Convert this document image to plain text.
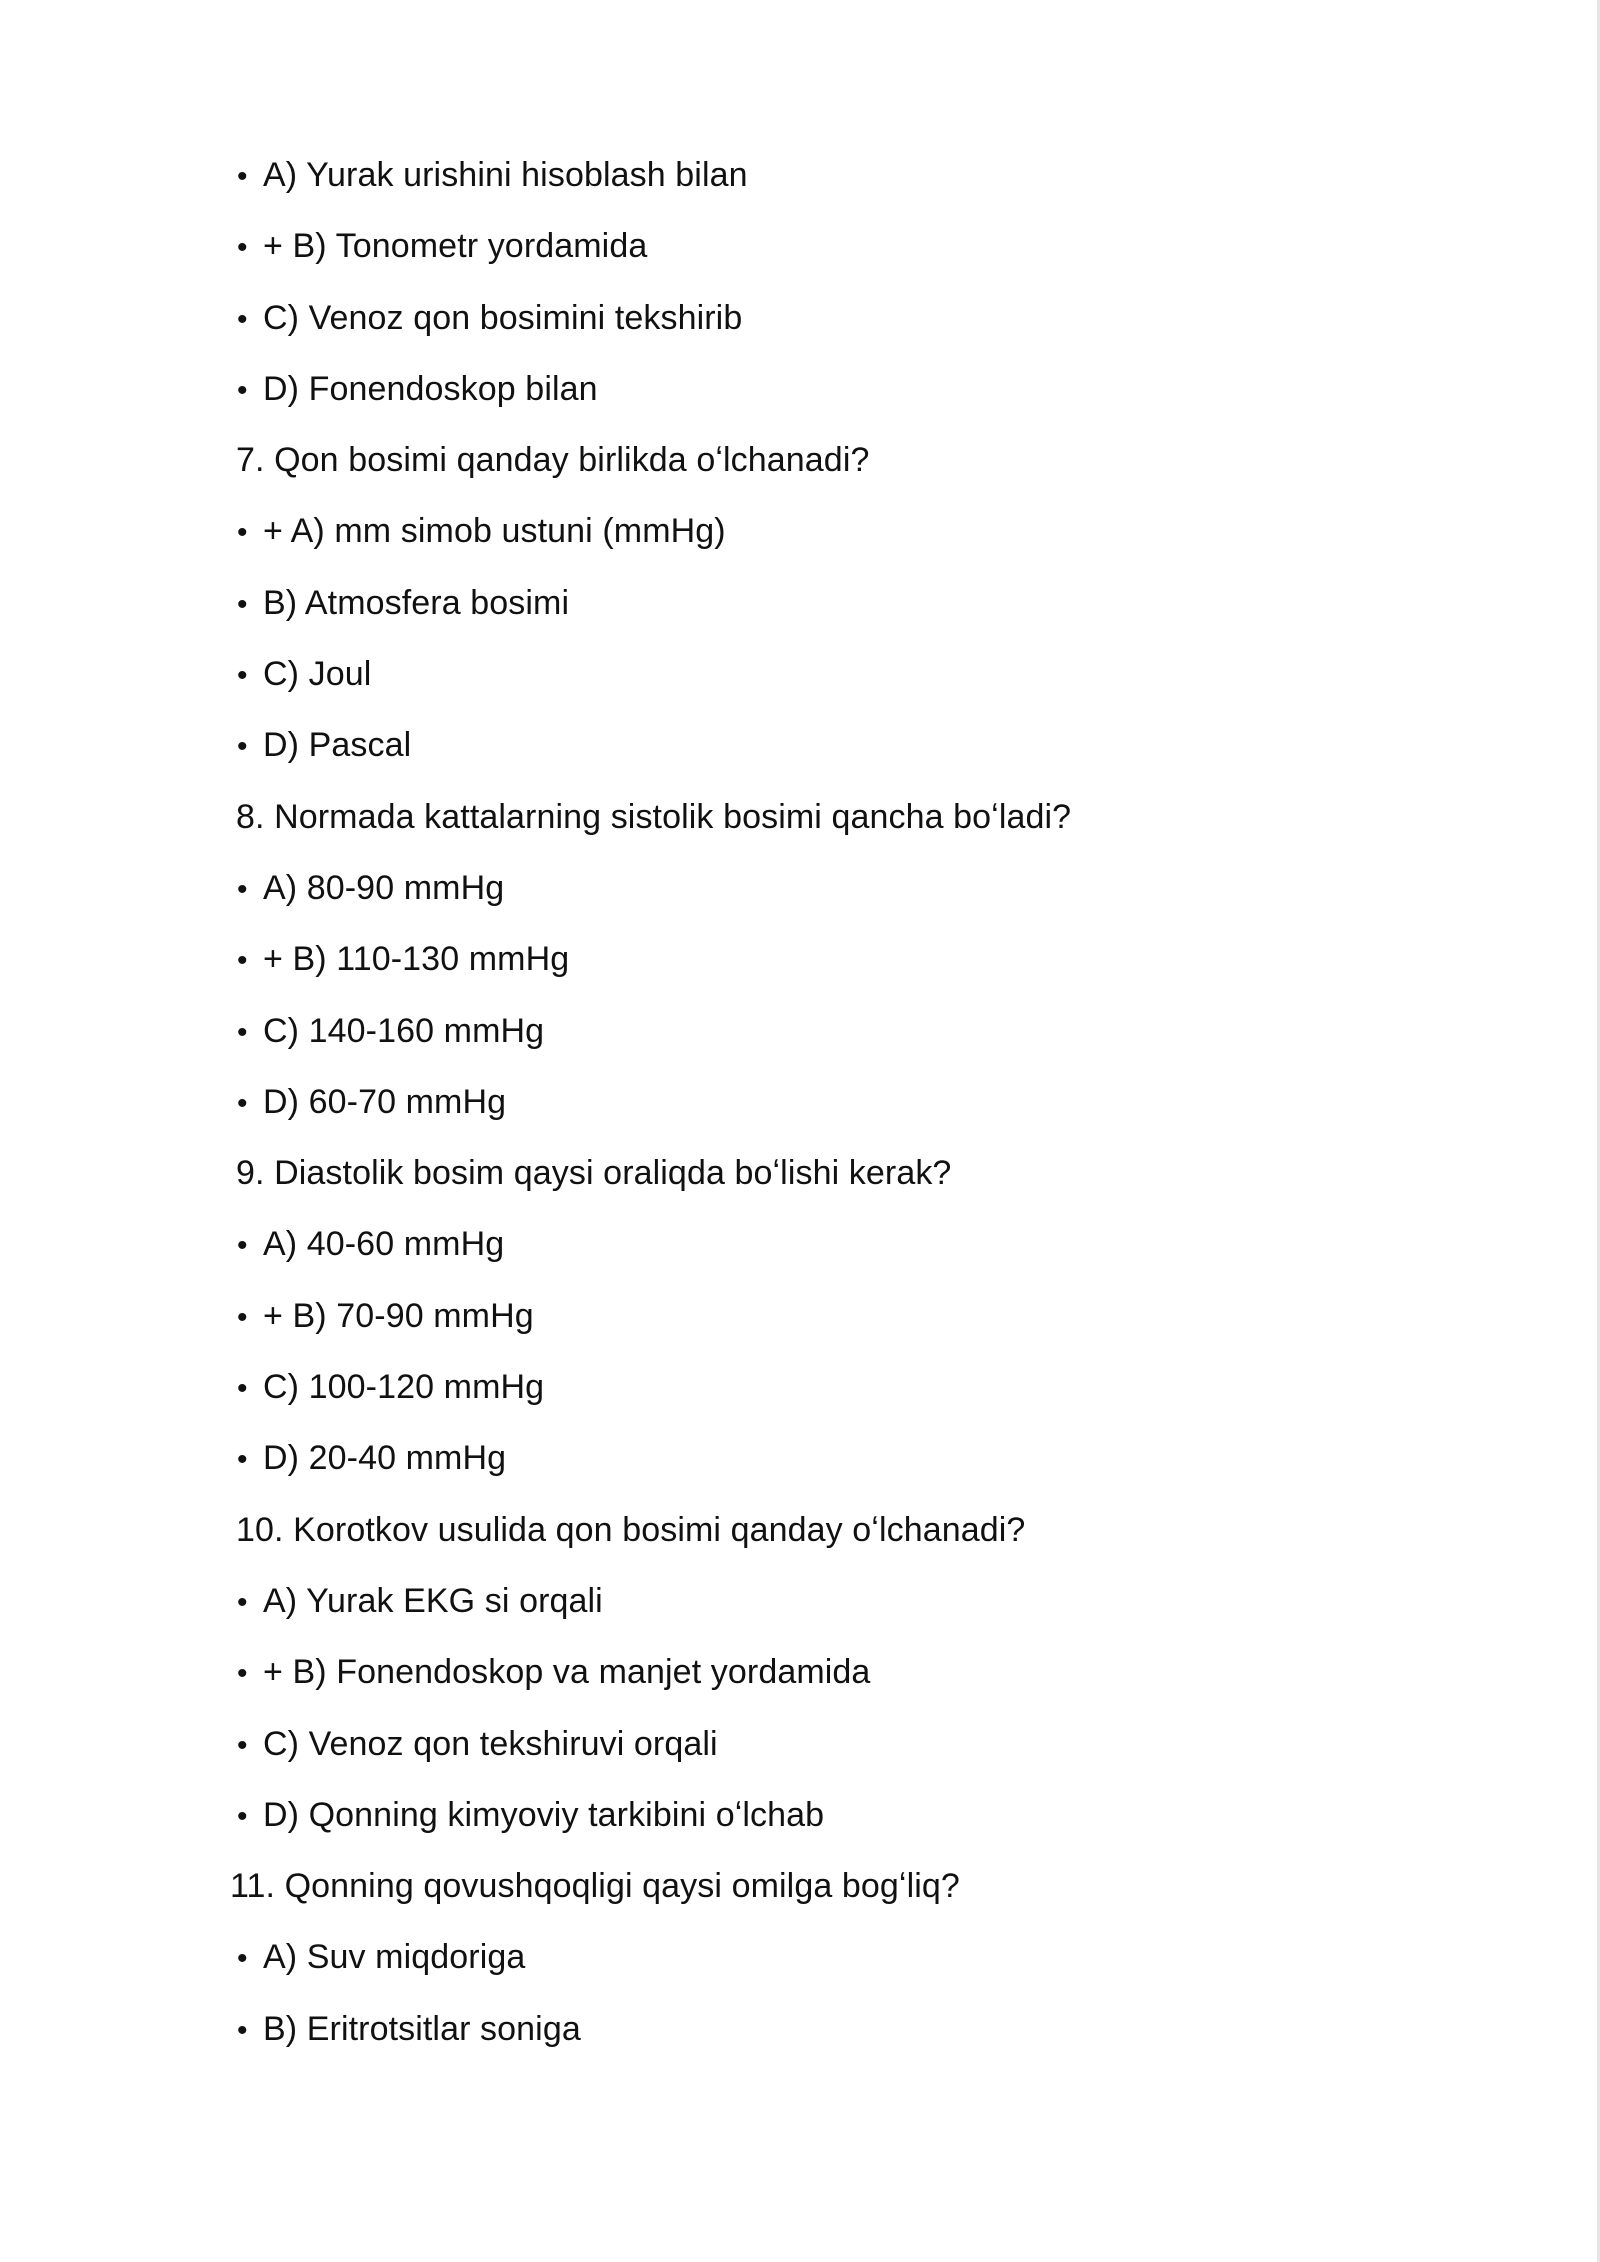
• A) Yurak urishini hisoblash bilan
• + B) Tonometr yordamida
• C) Venoz qon bosimini tekshirib
• D) Fonendoskop bilan
7. Qon bosimi qanday birlikda oʻlchanadi?
• + A) mm simob ustuni (mmHg)
• B) Atmosfera bosimi
• C) Joul
• D) Pascal
8. Normada kattalarning sistolik bosimi qancha boʻladi?
• A) 80-90 mmHg
• + B) 110-130 mmHg
• C) 140-160 mmHg
• D) 60-70 mmHg
9. Diastolik bosim qaysi oraliqda boʻlishi kerak?
• A) 40-60 mmHg
• + B) 70-90 mmHg
• C) 100-120 mmHg
• D) 20-40 mmHg
10. Korotkov usulida qon bosimi qanday oʻlchanadi?
• A) Yurak EKG si orqali
• + B) Fonendoskop va manjet yordamida
• C) Venoz qon tekshiruvi orqali
• D) Qonning kimyoviy tarkibini oʻlchab
11. Qonning qovushqoqligi qaysi omilga bogʻliq?
• A) Suv miqdoriga
• B) Eritrotsitlar soniga
